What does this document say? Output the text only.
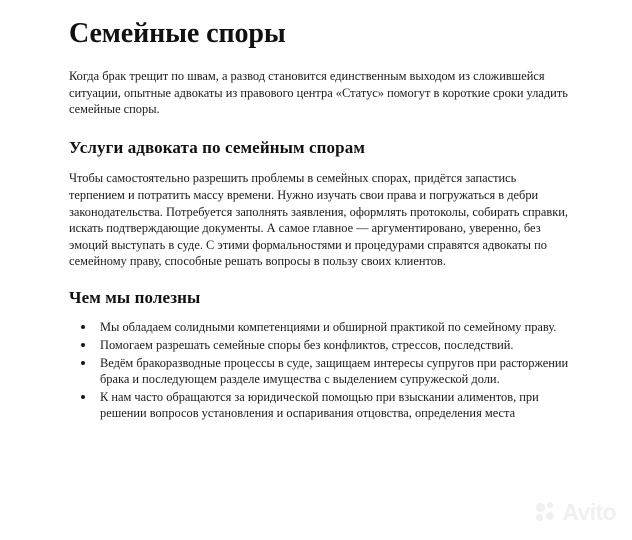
Семейные споры

Когда брак трещит по швам, а развод становится единственным выходом из сложившейся ситуации, опытные адвокаты из правового центра «Статус» помогут в короткие сроки уладить семейные споры.

Услуги адвоката по семейным спорам

Чтобы самостоятельно разрешить проблемы в семейных спорах, придётся запастись терпением и потратить массу времени. Нужно изучать свои права и погружаться в дебри законодательства. Потребуется заполнять заявления, оформлять протоколы, собирать справки, искать подтверждающие документы. А самое главное — аргументировано, уверенно, без эмоций выступать в суде. С этими формальностями и процедурами справятся адвокаты по семейному праву, способные решать вопросы в пользу своих клиентов.

Чем мы полезны
Мы обладаем солидными компетенциями и обширной практикой по семейному праву.
Помогаем разрешать семейные споры без конфликтов, стрессов, последствий.
Ведём бракоразводные процессы в суде, защищаем интересы супругов при расторжении брака и последующем разделе имущества с выделением супружеской доли.
К нам часто обращаются за юридической помощью при взыскании алиментов, при решении вопросов установления и оспаривания отцовства, определения места
Avito
